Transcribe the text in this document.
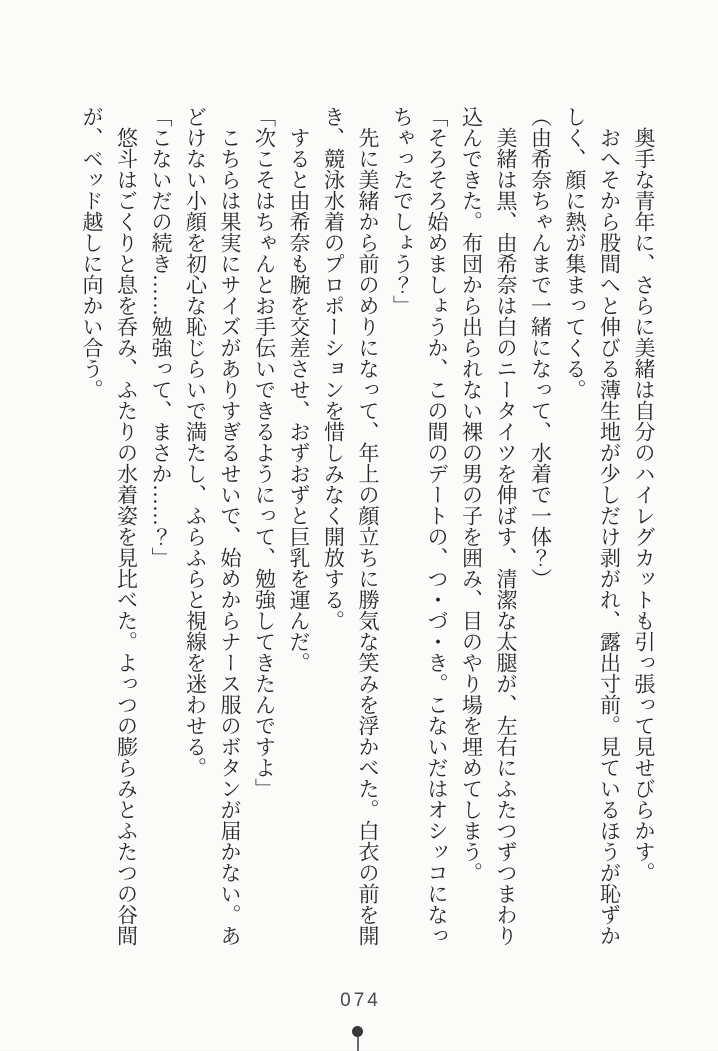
奥手な青年に、さらに美緒は自分のハイレグカットも引っ張って見せびらかす。
おへそから股間へと伸びる薄生地が少しだけ剥がれ、露出寸前。見ているほうが恥ずか
しく、顔に熱が集まってくる。
（由希奈ちゃんまで一緒になって、水着で一体？）
美緒は黒、由希奈は白のニータイツを伸ばす、清潔な太腿が、左右にふたつずつまわり
込んできた。布団から出られない裸の男の子を囲み、目のやり場を埋めてしまう。
「そろそろ始めましょうか、この間のデートの、つ・づ・き。こないだはオシッコになっ
ちゃったでしょう？」
先に美緒から前のめりになって、年上の顔立ちに勝気な笑みを浮かべた。白衣の前を開
き、競泳水着のプロポーションを惜しみなく開放する。
すると由希奈も腕を交差させ、おずおずと巨乳を運んだ。
「次こそはちゃんとお手伝いできるようにって、勉強してきたんですよ」
こちらは果実にサイズがありすぎるせいで、始めからナース服のボタンが届かない。あ
どけない小顔を初心な恥じらいで満たし、ふらふらと視線を迷わせる。
「こないだの続き……勉強って、まさか……？」
悠斗はごくりと息を呑み、ふたりの水着姿を見比べた。よっつの膨らみとふたつの谷間
が、ベッド越しに向かい合う。
074
